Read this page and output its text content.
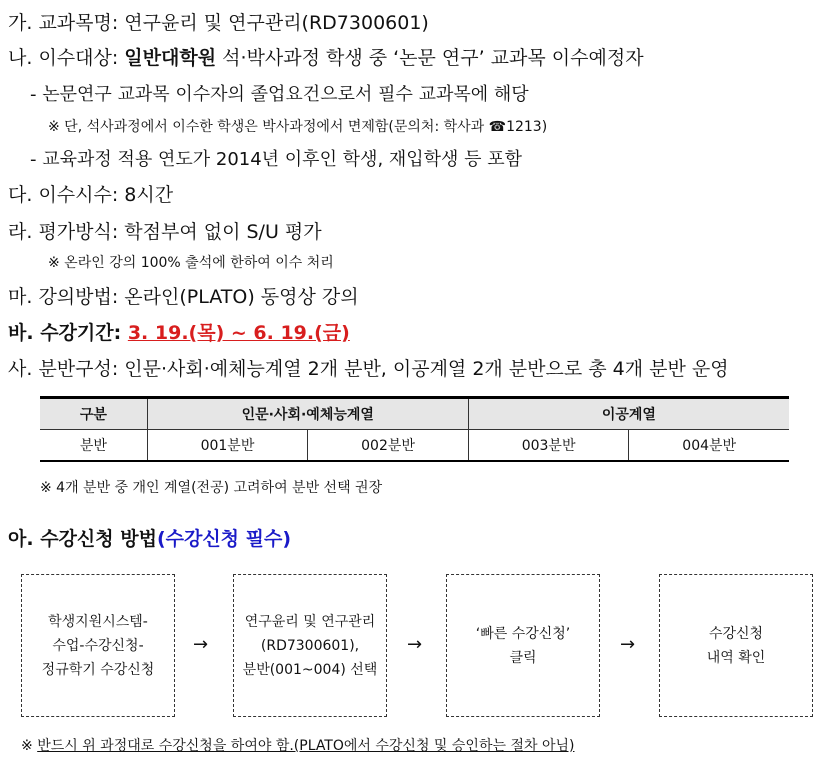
가. 교과목명: 연구윤리 및 연구관리(RD7300601)
나. 이수대상: 일반대학원 석·박사과정 학생 중 ‘논문 연구’ 교과목 이수예정자
- 논문연구 교과목 이수자의 졸업요건으로서 필수 교과목에 해당
※ 단, 석사과정에서 이수한 학생은 박사과정에서 면제함(문의처: 학사과 ☎1213)
- 교육과정 적용 연도가 2014년 이후인 학생, 재입학생 등 포함
다. 이수시수: 8시간
라. 평가방식: 학점부여 없이 S/U 평가
※ 온라인 강의 100% 출석에 한하여 이수 처리
마. 강의방법: 온라인(PLATO) 동영상 강의
바. 수강기간: 3. 19.(목) ~ 6. 19.(금)
사. 분반구성: 인문·사회·예체능계열 2개 분반, 이공계열 2개 분반으로 총 4개 분반 운영
구분	인문·사회·예체능계열		이공계열	
분반	001분반	002분반	003분반	004분반
※ 4개 분반 중 개인 계열(전공) 고려하여 분반 선택 권장
아. 수강신청 방법(수강신청 필수)
학생지원시스템-
수업-수강신청-
정규학기 수강신청
→
연구윤리 및 연구관리
(RD7300601),
분반(001~004) 선택
→
‘빠른 수강신청’
클릭
→
수강신청
내역 확인
※ 반드시 위 과정대로 수강신청을 하여야 함.(PLATO에서 수강신청 및 승인하는 절차 아님)
